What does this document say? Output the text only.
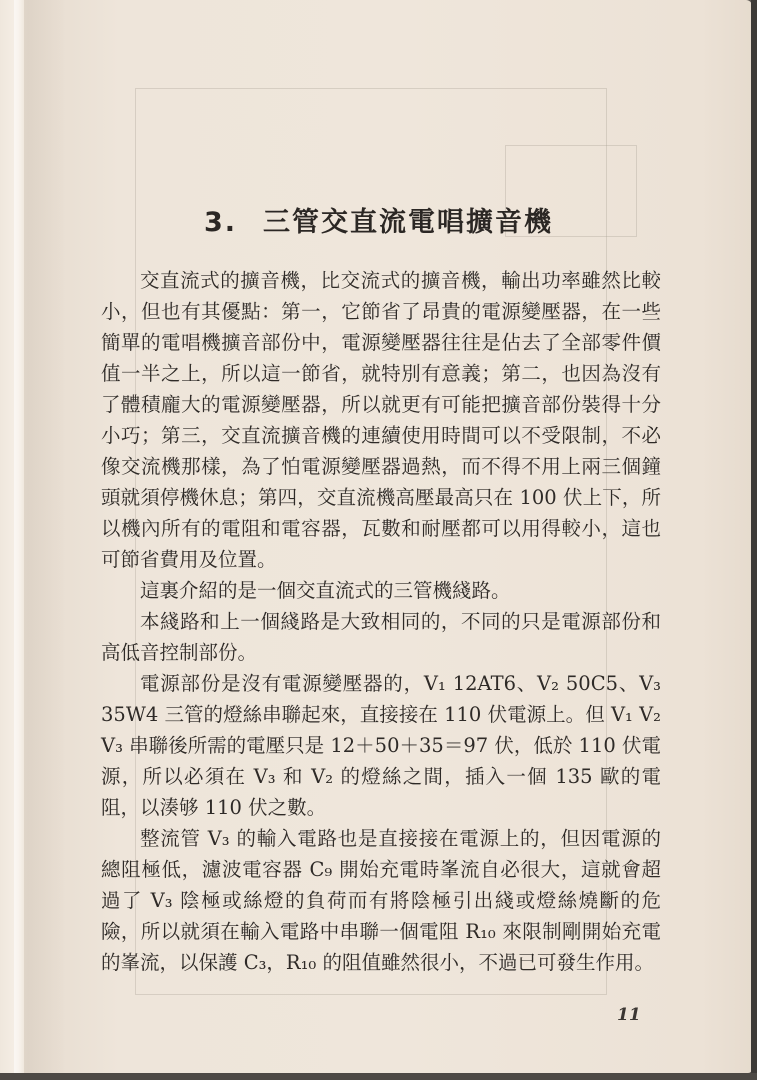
3. 三管交直流電唱擴音機

交直流式的擴音機，比交流式的擴音機，輸出功率雖然比較小，但也有其優點：第一，它節省了昂貴的電源變壓器，在一些簡單的電唱機擴音部份中，電源變壓器往往是佔去了全部零件價值一半之上，所以這一節省，就特別有意義；第二，也因為沒有了體積龐大的電源變壓器，所以就更有可能把擴音部份裝得十分小巧；第三，交直流擴音機的連續使用時間可以不受限制，不必像交流機那樣，為了怕電源變壓器過熱，而不得不用上兩三個鐘頭就須停機休息；第四，交直流機高壓最高只在 100 伏上下，所以機內所有的電阻和電容器，瓦數和耐壓都可以用得較小，這也可節省費用及位置。

這裏介紹的是一個交直流式的三管機綫路。

本綫路和上一個綫路是大致相同的，不同的只是電源部份和高低音控制部份。

電源部份是沒有電源變壓器的，V₁ 12AT6、V₂ 50C5、V₃ 35W4 三管的燈絲串聯起來，直接接在 110 伏電源上。但 V₁ V₂ V₃ 串聯後所需的電壓只是 12＋50＋35＝97 伏，低於 110 伏電源，所以必須在 V₃ 和 V₂ 的燈絲之間，插入一個 135 歐的電阻，以湊够 110 伏之數。

整流管 V₃ 的輸入電路也是直接接在電源上的，但因電源的總阻極低，濾波電容器 C₉ 開始充電時峯流自必很大，這就會超過了 V₃ 陰極或絲燈的負荷而有將陰極引出綫或燈絲燒斷的危險，所以就須在輸入電路中串聯一個電阻 R₁₀ 來限制剛開始充電的峯流，以保護 C₃，R₁₀ 的阻值雖然很小，不過已可發生作用。

11
